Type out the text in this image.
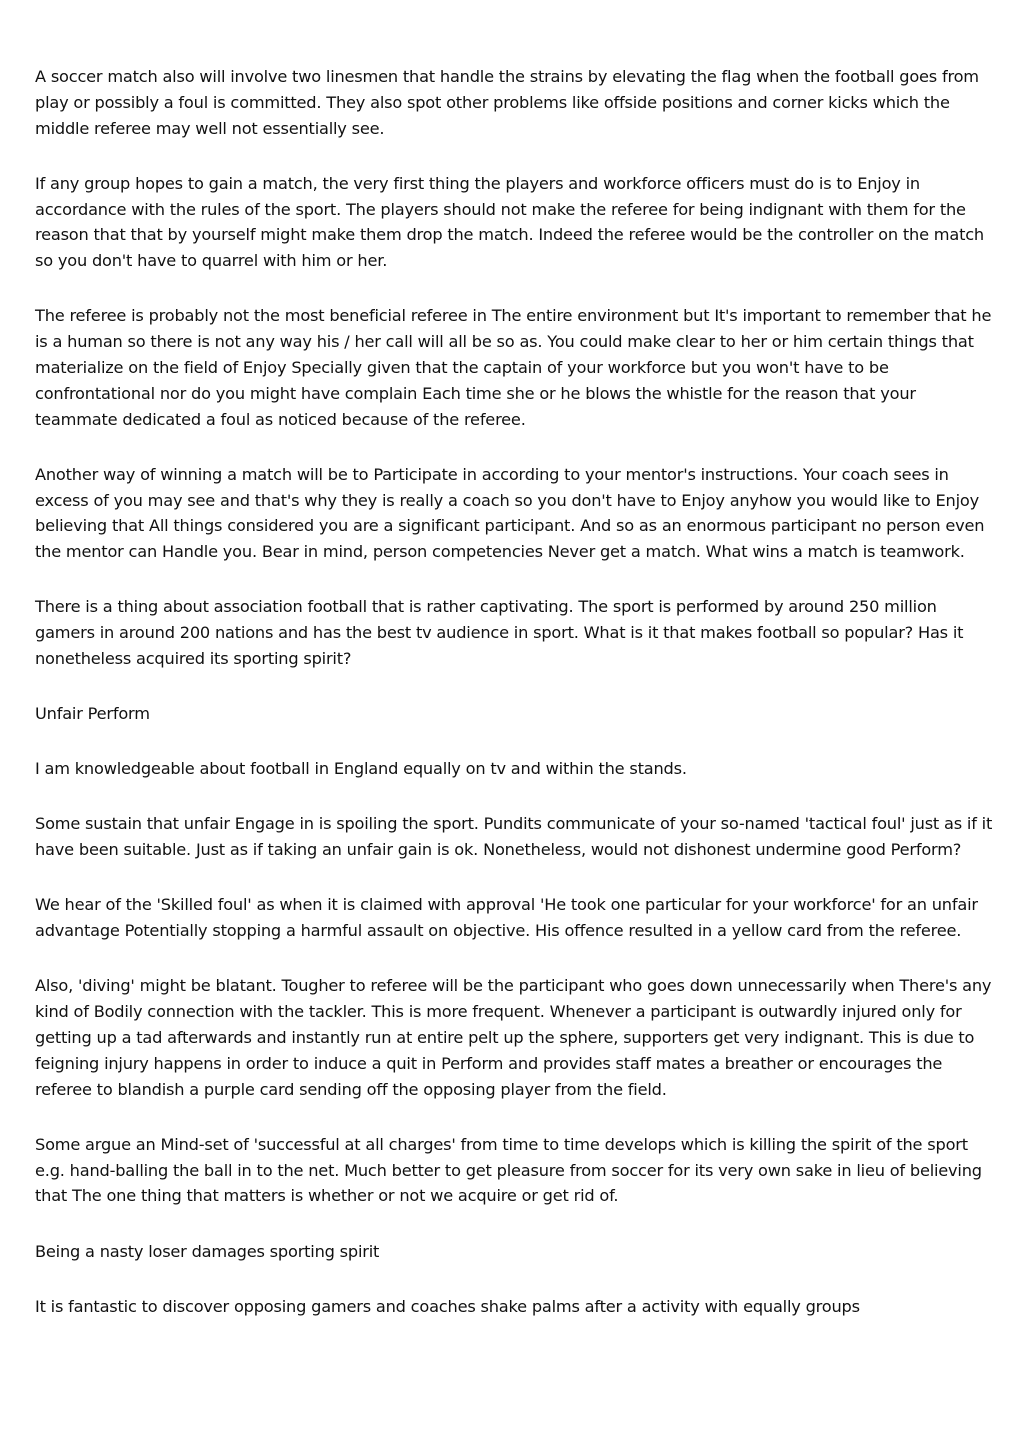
A soccer match also will involve two linesmen that handle the strains by elevating the flag when the football goes from play or possibly a foul is committed. They also spot other problems like offside positions and corner kicks which the middle referee may well not essentially see.

If any group hopes to gain a match, the very first thing the players and workforce officers must do is to Enjoy in accordance with the rules of the sport. The players should not make the referee for being indignant with them for the reason that that by yourself might make them drop the match. Indeed the referee would be the controller on the match so you don't have to quarrel with him or her.

The referee is probably not the most beneficial referee in The entire environment but It's important to remember that he is a human so there is not any way his / her call will all be so as. You could make clear to her or him certain things that materialize on the field of Enjoy Specially given that the captain of your workforce but you won't have to be confrontational nor do you might have complain Each time she or he blows the whistle for the reason that your teammate dedicated a foul as noticed because of the referee.

Another way of winning a match will be to Participate in according to your mentor's instructions. Your coach sees in excess of you may see and that's why they is really a coach so you don't have to Enjoy anyhow you would like to Enjoy believing that All things considered you are a significant participant. And so as an enormous participant no person even the mentor can Handle you. Bear in mind, person competencies Never get a match. What wins a match is teamwork.

There is a thing about association football that is rather captivating. The sport is performed by around 250 million gamers in around 200 nations and has the best tv audience in sport. What is it that makes football so popular? Has it nonetheless acquired its sporting spirit?

Unfair Perform

I am knowledgeable about football in England equally on tv and within the stands.

Some sustain that unfair Engage in is spoiling the sport. Pundits communicate of your so-named 'tactical foul' just as if it have been suitable. Just as if taking an unfair gain is ok. Nonetheless, would not dishonest undermine good Perform?

We hear of the 'Skilled foul' as when it is claimed with approval 'He took one particular for your workforce' for an unfair advantage Potentially stopping a harmful assault on objective. His offence resulted in a yellow card from the referee.

Also, 'diving' might be blatant. Tougher to referee will be the participant who goes down unnecessarily when There's any kind of Bodily connection with the tackler. This is more frequent. Whenever a participant is outwardly injured only for getting up a tad afterwards and instantly run at entire pelt up the sphere, supporters get very indignant. This is due to feigning injury happens in order to induce a quit in Perform and provides staff mates a breather or encourages the referee to blandish a purple card sending off the opposing player from the field.

Some argue an Mind-set of 'successful at all charges' from time to time develops which is killing the spirit of the sport e.g. hand-balling the ball in to the net. Much better to get pleasure from soccer for its very own sake in lieu of believing that The one thing that matters is whether or not we acquire or get rid of.

Being a nasty loser damages sporting spirit

It is fantastic to discover opposing gamers and coaches shake palms after a activity with equally groups
